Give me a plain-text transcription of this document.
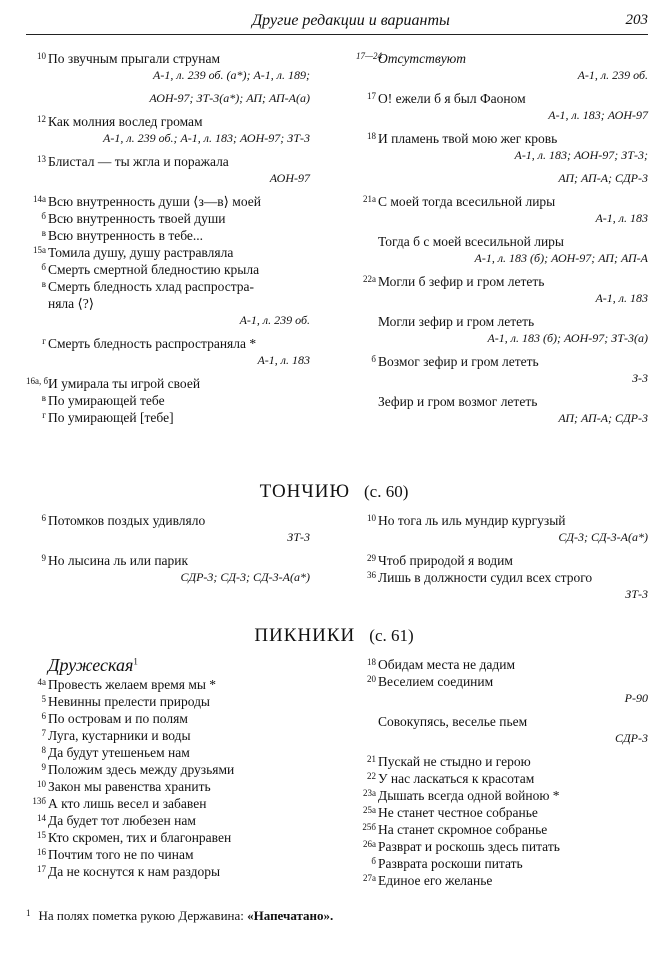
Другие редакции и варианты	203
10 По звучным прыгали струнам
А-1, л. 239 об. (а*); А-1, л. 189;
АОН-97; ЗТ-3(а*); АП; АП-А(а)
12 Как молния вослед громам
А-1, л. 239 об.; А-1, л. 183; АОН-97; ЗТ-3
13 Блистал — ты жгла и поражала
АОН-97
14а Всю внутренность души ⟨з—в⟩ моей
б Всю внутренность твоей души
в Всю внутренность в тебе...
15а Томила душу, душу растравляла
б Смерть смертной бледностию крыла
в Смерть бледность хлад распростра-
няла ⟨?⟩
А-1, л. 239 об.
г Смерть бледность распространяла *
А-1, л. 183
16а, б И умирала ты игрой своей
в По умирающей тебе
г По умирающей [тебе]
17—24
Отсутствуют
А-1, л. 239 об.
17 О! ежели б я был Фаоном
А-1, л. 183; АОН-97
18 И пламень твой мою жег кровь
А-1, л. 183; АОН-97; ЗТ-3;
АП; АП-А; СДР-3
21а С моей тогда всесильной лиры
А-1, л. 183
Тогда б с моей всесильной лиры
А-1, л. 183 (б); АОН-97; АП; АП-А
22а Могли б зефир и гром лететь
А-1, л. 183
Могли зефир и гром лететь
А-1, л. 183 (б); АОН-97; ЗТ-3(а)
б Возмог зефир и гром лететь
З-3
Зефир и гром возмог лететь
АП; АП-А; СДР-3
ТОНЧИЮ (с. 60)
6 Потомков поздых удивляло
ЗТ-3
9 Но лысина ль или парик
СДР-3; СД-3; СД-3-А(а*)
10 Но тога ль иль мундир кургузый
СД-3; СД-3-А(а*)
29 Чтоб природой я водим
36 Лишь в должности судил всех строго
ЗТ-3
ПИКНИКИ (с. 61)
Дружеская$^1$
4а Провесть желаем время мы *
5 Невинны прелести природы
6 По островам и по полям
7 Луга, кустарники и воды
8 Да будут утешеньем нам
9 Положим здесь между друзьями
10 Закон мы равенства хранить
13б А кто лишь весел и забавен
14 Да будет тот любезен нам
15 Кто скромен, тих и благонравен
16 Почтим того не по чинам
17 Да не коснутся к нам раздоры
18 Обидам места не дадим
20 Веселием соединим
Р-90
Совокупясь, веселье пьем
СДР-3
21 Пускай не стыдно и герою
22 У нас ласкаться к красотам
23а Дышать всегда одной войною *
25а Не станет честное собранье
25б На станет скромное собранье
26а Разврат и роскошь здесь питать
б Разврата роскоши питать
27а Единое его желанье
$^1$ На полях пометка рукою Державина: «Напечатано».
